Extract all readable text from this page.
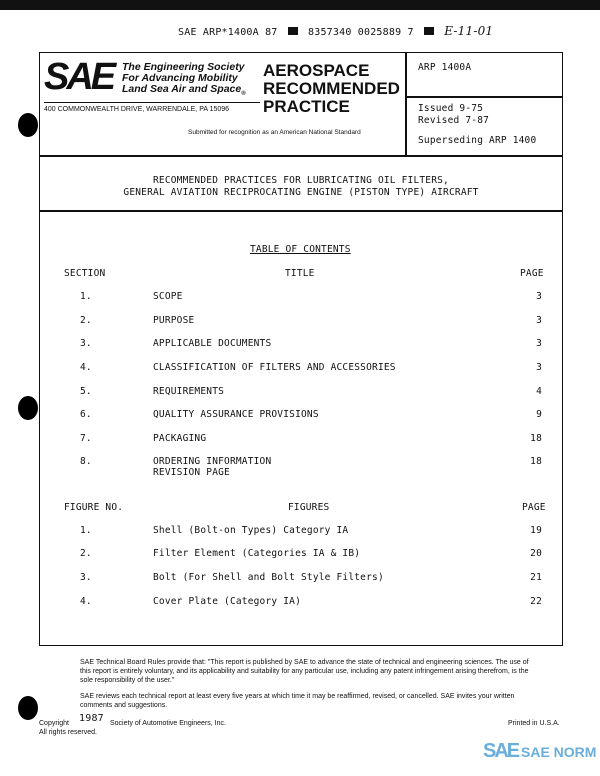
SAE ARP*1400A 87	8357340 0025889 7	E-11-01
SAE The Engineering Society
For Advancing Mobility
Land Sea Air and Space$_®$
400 COMMONWEALTH DRIVE, WARRENDALE, PA 15096
AEROSPACE
RECOMMENDED
PRACTICE
Submitted for recognition as an American National Standard
ARP 1400A
Issued 9-75
Revised 7-87
Superseding ARP 1400
RECOMMENDED PRACTICES FOR LUBRICATING OIL FILTERS,
GENERAL AVIATION RECIPROCATING ENGINE (PISTON TYPE) AIRCRAFT
TABLE OF CONTENTS
SECTION	TITLE	PAGE
1.	SCOPE	3
2.	PURPOSE	3
3.	APPLICABLE DOCUMENTS	3
4.	CLASSIFICATION OF FILTERS AND ACCESSORIES	3
5.	REQUIREMENTS	4
6.	QUALITY ASSURANCE PROVISIONS	9
7.	PACKAGING	18
8.	ORDERING INFORMATION	18
REVISION PAGE
FIGURE NO.	FIGURES	PAGE
1.	Shell (Bolt-on Types) Category IA	19
2.	Filter Element (Categories IA & IB)	20
3.	Bolt (For Shell and Bolt Style Filters)	21
4.	Cover Plate (Category IA)	22
SAE Technical Board Rules provide that: "This report is published by SAE to advance the state of technical and engineering sciences. The use of this report is entirely voluntary, and its applicability and suitability for any particular use, including any patent infringement arising therefrom, is the sole responsibility of the user."
SAE reviews each technical report at least every five years at which time it may be reaffirmed, revised, or cancelled. SAE invites your written comments and suggestions.
Copyright 1987 Society of Automotive Engineers, Inc.
All rights reserved.
Printed in U.S.A.
SAE SAE NORM
